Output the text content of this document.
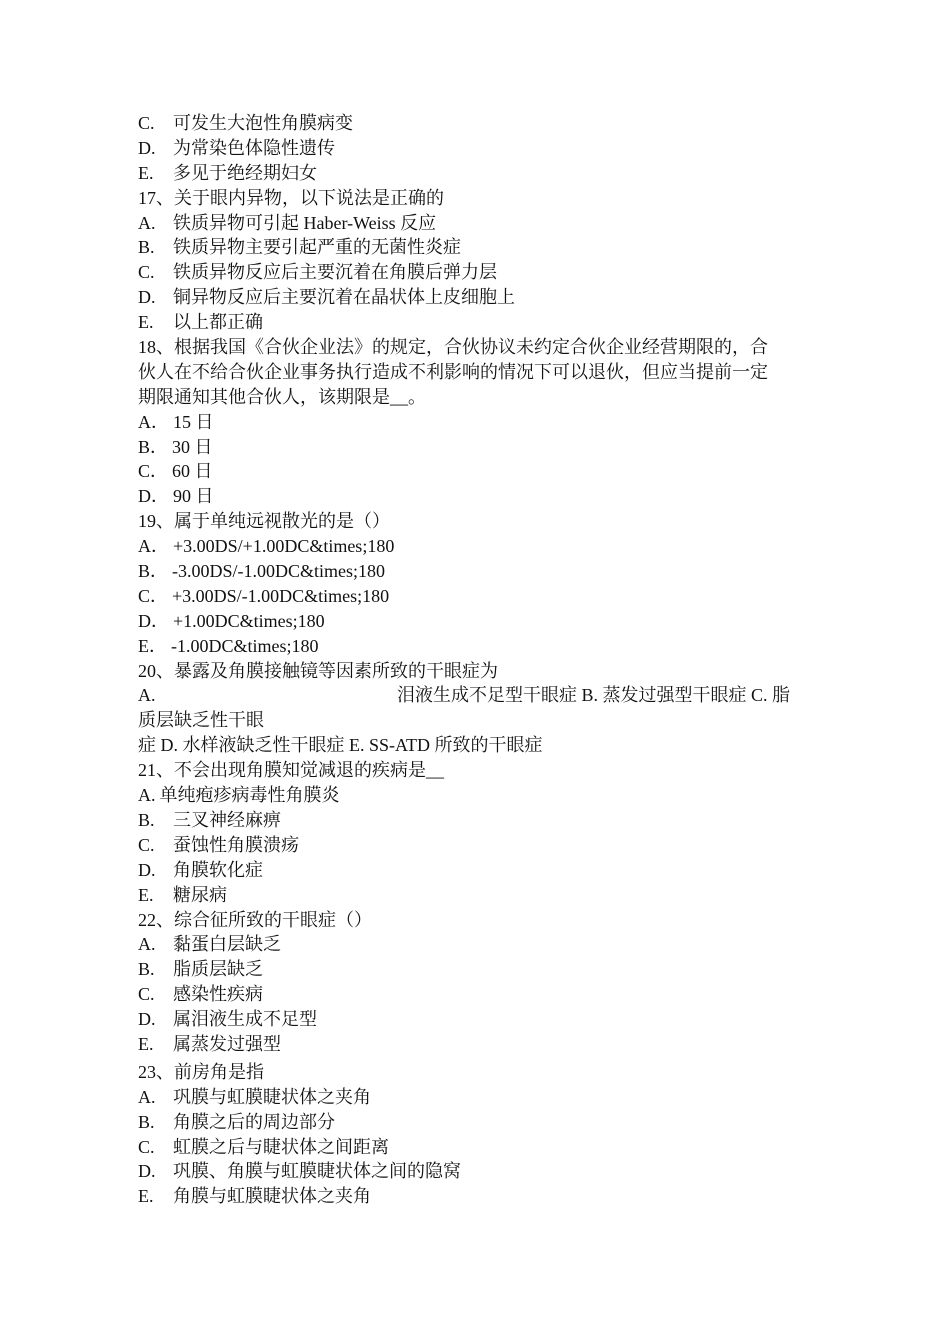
C. 可发生大泡性角膜病变
D. 为常染色体隐性遗传
E. 多见于绝经期妇女
17、关于眼内异物，以下说法是正确的
A. 铁质异物可引起 Haber-Weiss 反应
B. 铁质异物主要引起严重的无菌性炎症
C. 铁质异物反应后主要沉着在角膜后弹力层
D. 铜异物反应后主要沉着在晶状体上皮细胞上
E. 以上都正确
18、根据我国《合伙企业法》的规定，合伙协议未约定合伙企业经营期限的，合
伙人在不给合伙企业事务执行造成不利影响的情况下可以退伙，但应当提前一定
期限通知其他合伙人，该期限是__。
A． 15 日
B． 30 日
C． 60 日
D． 90 日
19、属于单纯远视散光的是（）
A． +3.00DS/+1.00DC&times;180
B． -3.00DS/-1.00DC&times;180
C． +3.00DS/-1.00DC&times;180
D． +1.00DC&times;180
E． -1.00DC&times;180
20、暴露及角膜接触镜等因素所致的干眼症为
A.	泪液生成不足型干眼症 B. 蒸发过强型干眼症 C. 脂
质层缺乏性干眼
症 D. 水样液缺乏性干眼症 E. SS-ATD 所致的干眼症
21、不会出现角膜知觉减退的疾病是__
A. 单纯疱疹病毒性角膜炎
B. 三叉神经麻痹
C. 蚕蚀性角膜溃疡
D. 角膜软化症
E. 糖尿病
22、综合征所致的干眼症（）
A. 黏蛋白层缺乏
B. 脂质层缺乏
C. 感染性疾病
D. 属泪液生成不足型
E. 属蒸发过强型
23、前房角是指
A. 巩膜与虹膜睫状体之夹角
B. 角膜之后的周边部分
C. 虹膜之后与睫状体之间距离
D. 巩膜、角膜与虹膜睫状体之间的隐窝
E. 角膜与虹膜睫状体之夹角
